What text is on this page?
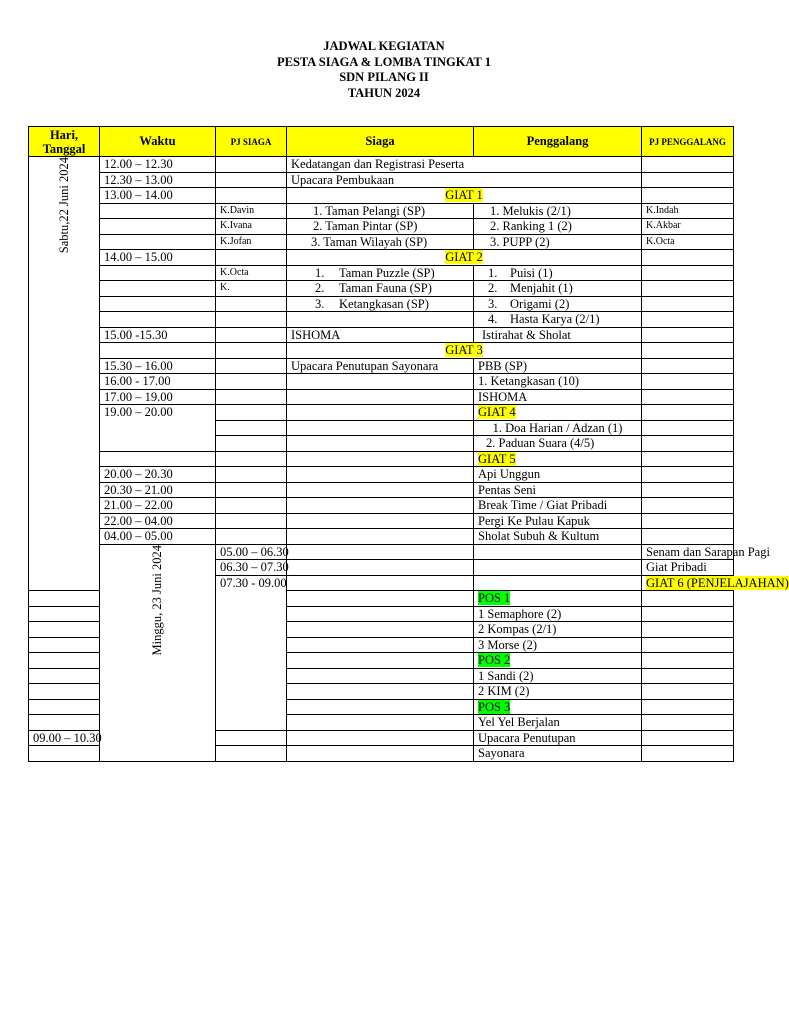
JADWAL KEGIATAN
PESTA SIAGA & LOMBA TINGKAT 1
SDN PILANG II
TAHUN 2024
Hari, Tanggal	Waktu	PJ SIAGA	Siaga	Penggalang	PJ PENGGALANG	
Sabtu,22 Juni 2024	12.00 – 12.30		Kedatangan dan Registrasi Peserta			
	12.30 – 13.00		Upacara Pembukaan			
	13.00 – 14.00		GIAT 1			
		K.Davin	1. Taman Pelangi (SP)	1. Melukis (2/1)	K.Indah	
		K.Ivana	2. Taman Pintar (SP)	2. Ranking 1 (2)	K.Akbar	
		K.Jofan	3. Taman Wilayah (SP)	3. PUPP (2)	K.Octa	
	14.00 – 15.00		GIAT 2			
		K.Octa	1. Taman Puzzle (SP)	1. Puisi (1)		
		K.	2. Taman Fauna (SP)	2. Menjahit (1)		
			3. Ketangkasan (SP)	3. Origami (2)		
				4. Hasta Karya (2/1)		
	15.00 -15.30		ISHOMA	Istirahat & Sholat		
			GIAT 3			
	15.30 – 16.00		Upacara Penutupan Sayonara	PBB (SP)		
	16.00 - 17.00			1. Ketangkasan (10)		
	17.00 – 19.00			ISHOMA		
	19.00 – 20.00			GIAT 4		
				1. Doa Harian / Adzan (1)		
				2. Paduan Suara (4/5)		
				GIAT 5		
	20.00 – 20.30			Api Unggun		
	20.30 – 21.00			Pentas Seni		
	21.00 – 22.00			Break Time / Giat Pribadi		
	22.00 – 04.00			Pergi Ke Pulau Kapuk		
	04.00 – 05.00			Sholat Subuh & Kultum		
	Minggu, 23 Juni 2024	05.00 – 06.30			Senam dan Sarapan Pagi	
		06.30 – 07.30			Giat Pribadi	
		07.30 - 09.00			GIAT 6 (PENJELAJAHAN)	
				POS 1		
				1 Semaphore (2)		
				2 Kompas (2/1)		
				3 Morse (2)		
				POS 2		
				1 Sandi (2)		
				2 KIM (2)		
				POS 3		
				Yel Yel Berjalan		
09.00 – 10.30				Upacara Penutupan		
				Sayonara		
